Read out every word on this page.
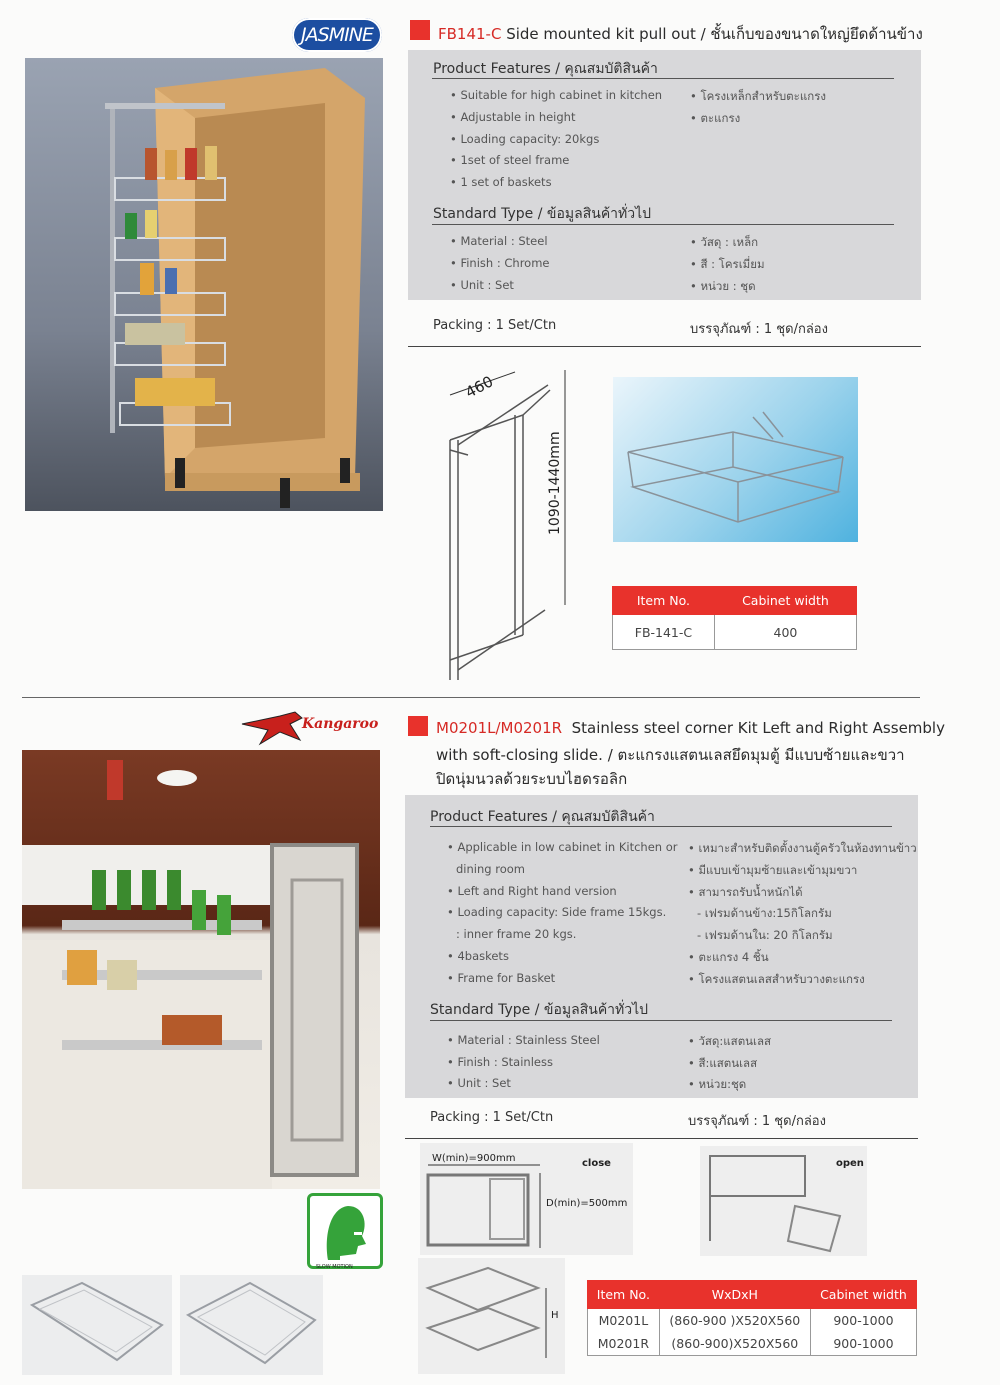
JASMINE	FB141-C Side mounted kit pull out / ชั้นเก็บของขนาดใหญ่ยึดด้านข้าง
Product Features / คุณสมบัติสินค้า
• Suitable for high cabinet in kitchen
• Adjustable in height
• Loading capacity: 20kgs
• 1set of steel frame
• 1 set of baskets
• โครงเหล็กสำหรับตะแกรง
• ตะแกรง
Standard Type / ข้อมูลสินค้าทั่วไป
• Material : Steel
• Finish : Chrome
• Unit : Set
• วัสดุ : เหล็ก
• สี : โครเมี่ยม
• หน่วย : ชุด
Packing : 1 Set/Ctn	บรรจุภัณฑ์ : 1 ชุด/กล่อง
460
1090-1440mm
Item No.	Cabinet width
FB-141-C	400
Kangaroo	M0201L/M0201R Stainless steel corner Kit Left and Right Assembly
with soft-closing slide. / ตะแกรงแสตนเลสยึดมุมตู้ มีแบบซ้ายและขวา
ปิดนุ่มนวลด้วยระบบไฮดรอลิก
Product Features / คุณสมบัติสินค้า
• Applicable in low cabinet in Kitchen or
dining room
• Left and Right hand version
• Loading capacity: Side frame 15kgs.
: inner frame 20 kgs.
• 4baskets
• Frame for Basket
• เหมาะสำหรับติดตั้งงานตู้ครัวในห้องทานข้าว
• มีแบบเข้ามุมซ้ายและเข้ามุมขวา
• สามารถรับน้ำหนักได้
- เฟรมด้านข้าง:15กิโลกรัม
- เฟรมด้านใน: 20 กิโลกรัม
• ตะแกรง 4 ชิ้น
• โครงแสตนเลสสำหรับวางตะแกรง
Standard Type / ข้อมูลสินค้าทั่วไป
• Material : Stainless Steel
• Finish : Stainless
• Unit : Set
• วัสดุ:แสตนเลส
• สี:แสตนเลส
• หน่วย:ชุด
Packing : 1 Set/Ctn	บรรจุภัณฑ์ : 1 ชุด/กล่อง
SLOW MOTION
W(min)=900mm
D(min)=500mm
close	open
H
Item No.	WxDxH	Cabinet width
M0201L	(860-900 )X520X560	900-1000
M0201R	(860-900)X520X560	900-1000
